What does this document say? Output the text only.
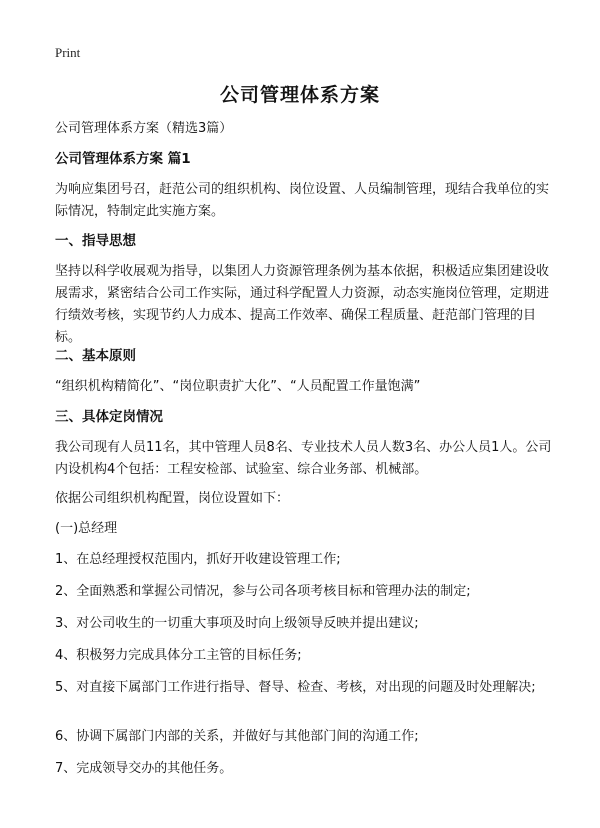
Print
公司管理体系方案
公司管理体系方案（精选3篇）
公司管理体系方案 篇1
为响应集团号召，赶范公司的组织机构、岗位设置、人员编制管理，现结合我单位的实际情况，特制定此实施方案。
一、指导思想
坚持以科学收展观为指导，以集团人力资源管理条例为基本依据，积极适应集团建设收展需求，紧密结合公司工作实际，通过科学配置人力资源，动态实施岗位管理，定期进行绩效考核，实现节约人力成本、提高工作效率、确保工程质量、赶范部门管理的目标。
二、基本原则
“组织机构精简化”、“岗位职责扩大化”、“人员配置工作量饱满”
三、具体定岗情况
我公司现有人员11名，其中管理人员8名、专业技术人员人数3名、办公人员1人。公司内设机构4个包括：工程安检部、试验室、综合业务部、机械部。
依据公司组织机构配置，岗位设置如下：
(一)总经理
1、在总经理授权范围内，抓好开收建设管理工作;
2、全面熟悉和掌握公司情况，参与公司各项考核目标和管理办法的制定;
3、对公司收生的一切重大事项及时向上级领导反映并提出建议;
4、积极努力完成具体分工主管的目标任务;
5、对直接下属部门工作进行指导、督导、检查、考核，对出现的问题及时处理解决;
6、协调下属部门内部的关系，并做好与其他部门间的沟通工作;
7、完成领导交办的其他任务。
